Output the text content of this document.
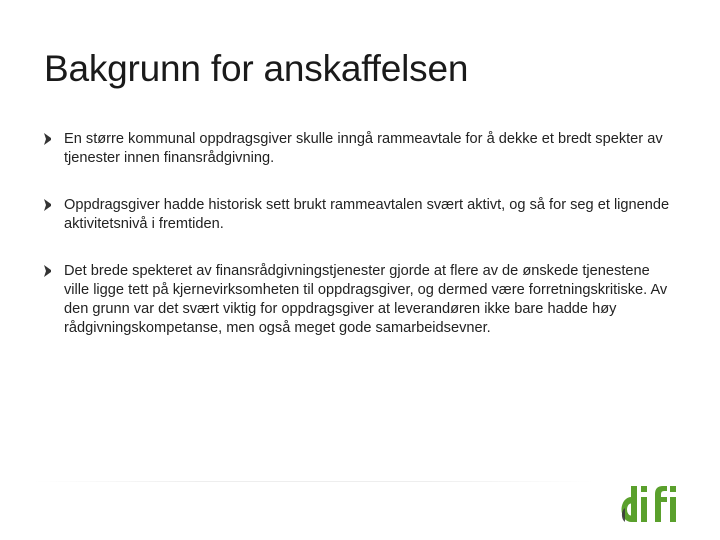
Bakgrunn for anskaffelsen
En større kommunal oppdragsgiver skulle inngå rammeavtale for å dekke et bredt spekter av tjenester innen finansrådgivning.
Oppdragsgiver hadde historisk sett brukt rammeavtalen svært aktivt, og så for seg et lignende aktivitetsnivå i fremtiden.
Det brede spekteret av finansrådgivningstjenester gjorde at flere av de ønskede tjenestene ville ligge tett på kjernevirksomheten til oppdragsgiver, og dermed være forretningskritiske. Av den grunn var det svært viktig for oppdragsgiver at leverandøren ikke bare hadde høy rådgivningskompetanse, men også meget gode samarbeidsevner.
